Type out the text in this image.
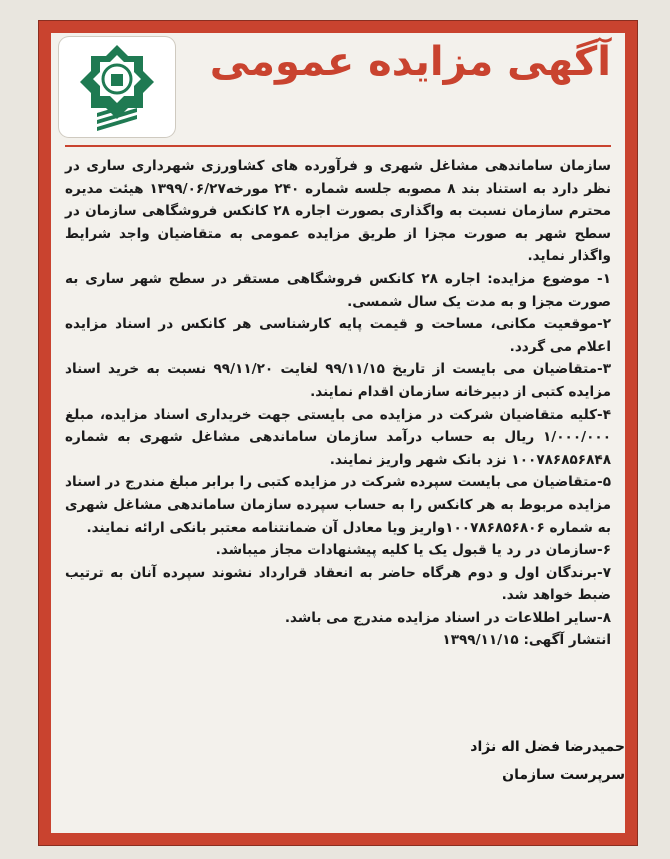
آگهی مزایده عمومی

سازمان ساماندهی مشاغل شهری و فرآورده های کشاورزی شهرداری ساری در نظر دارد به استناد بند ۸ مصوبه جلسه شماره ۲۴۰ مورخه۱۳۹۹/۰۶/۲۷ هیئت مدیره محترم سازمان نسبت به واگذاری بصورت اجاره ۲۸ کانکس فروشگاهی سازمان در سطح شهر به صورت مجزا از طریق مزایده عمومی به متقاضیان واجد شرایط واگذار نماید.

۱- موضوع مزایده: اجاره ۲۸ کانکس فروشگاهی مستقر در سطح شهر ساری به صورت مجزا و به مدت یک سال شمسی.

۲-موقعیت مکانی، مساحت و قیمت پایه کارشناسی هر کانکس در اسناد مزایده اعلام می گردد.

۳-متقاضیان می بایست از تاریخ ۹۹/۱۱/۱۵ لغایت ۹۹/۱۱/۲۰ نسبت به خرید اسناد مزایده کتبی از دبیرخانه سازمان اقدام نمایند.

۴-کلیه متقاضیان شرکت در مزایده می بایستی جهت خریداری اسناد مزایده، مبلغ ۱/۰۰۰/۰۰۰ ریال به حساب درآمد سازمان ساماندهی مشاغل شهری به شماره ۱۰۰۷۸۶۸۵۶۸۴۸ نزد بانک شهر واریز نمایند.

۵-متقاضیان می بایست سپرده شرکت در مزایده کتبی را برابر مبلغ مندرج در اسناد مزایده مربوط به هر کانکس را به حساب سپرده سازمان ساماندهی مشاغل شهری به شماره ۱۰۰۷۸۶۸۵۶۸۰۶واریز ویا معادل آن ضمانتنامه معتبر بانکی ارائه نمایند.

۶-سازمان در رد یا قبول یک یا کلیه پیشنهادات مجاز میباشد.

۷-برندگان اول و دوم هرگاه حاضر به انعقاد قرارداد نشوند سپرده آنان به ترتیب ضبط خواهد شد.

۸-سایر اطلاعات در اسناد مزایده مندرج می باشد.

انتشار آگهی: ۱۳۹۹/۱۱/۱۵

حمیدرضا فضل اله نژاد
سرپرست سازمان
